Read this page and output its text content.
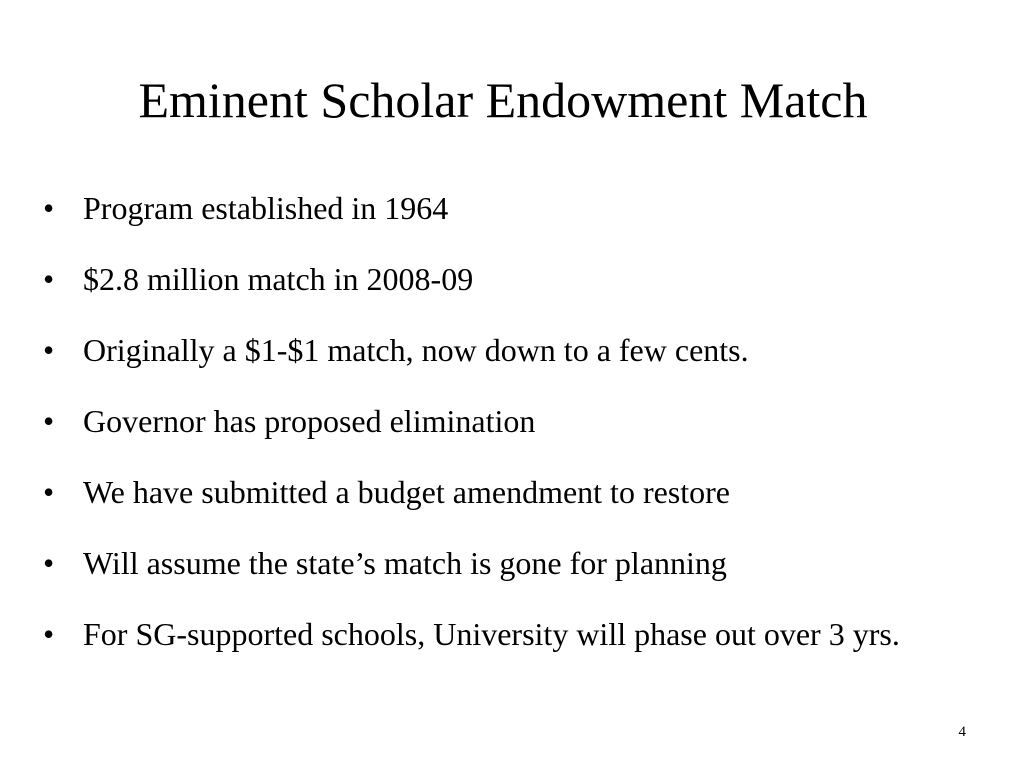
Eminent Scholar Endowment Match
• Program established in 1964
• $2.8 million match in 2008-09
• Originally a $1-$1 match, now down to a few cents.
• Governor has proposed elimination
• We have submitted a budget amendment to restore
• Will assume the state’s match is gone for planning
• For SG-supported schools, University will phase out over 3 yrs.
4
